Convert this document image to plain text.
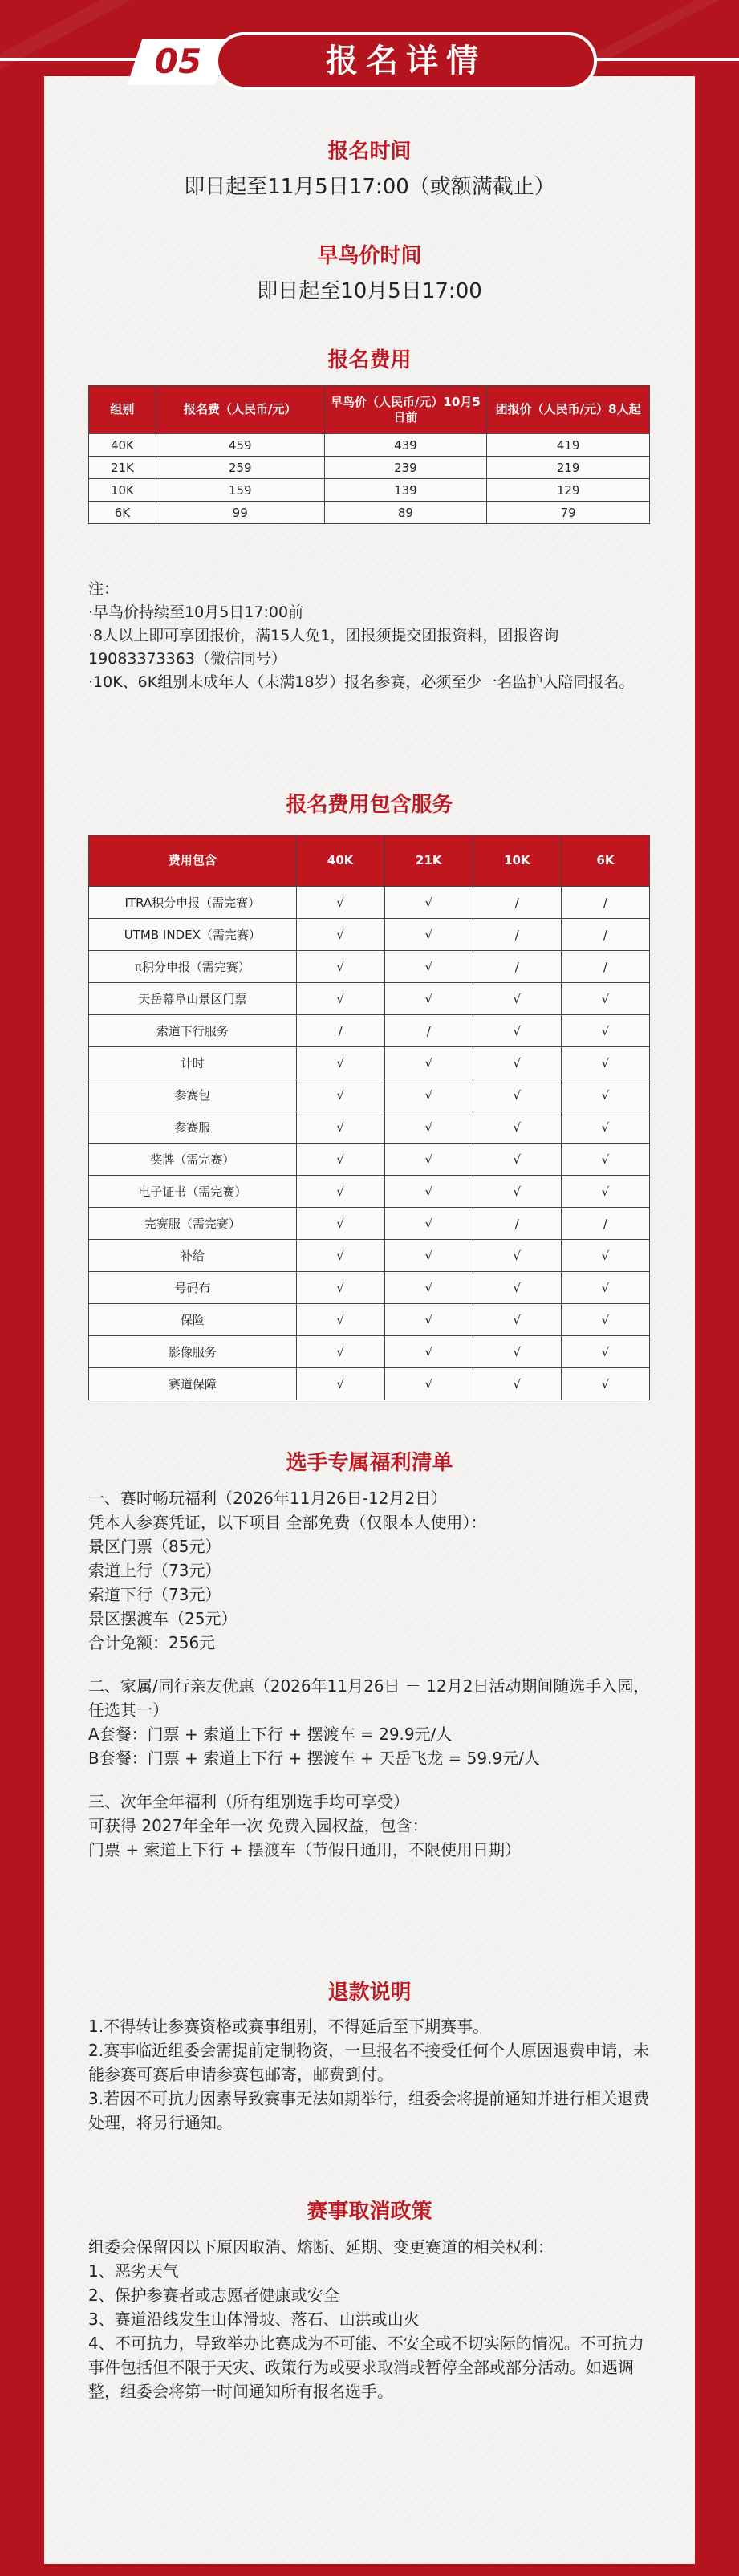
05	报名详情
报名时间
即日起至11月5日17:00（或额满截止）
早鸟价时间
即日起至10月5日17:00
报名费用
组别	报名费（人民币/元）	早鸟价（人民币/元）10月5日前	团报价（人民币/元）8人起
40K	459	439	419
21K	259	239	219
10K	159	139	129
6K	99	89	79

注：

·早鸟价持续至10月5日17:00前

·8人以上即可享团报价，满15人免1，团报须提交团报资料，团报咨询19083373363（微信同号）

·10K、6K组别未成年人（未满18岁）报名参赛，必须至少一名监护人陪同报名。

报名费用包含服务
费用包含	40K	21K	10K	6K
ITRA积分申报（需完赛）	√	√	/	/
UTMB INDEX（需完赛）	√	√	/	/
π积分申报（需完赛）	√	√	/	/
天岳幕阜山景区门票	√	√	√	√
索道下行服务	/	/	√	√
计时	√	√	√	√
参赛包	√	√	√	√
参赛服	√	√	√	√
奖牌（需完赛）	√	√	√	√
电子证书（需完赛）	√	√	√	√
完赛服（需完赛）	√	√	/	/
补给	√	√	√	√
号码布	√	√	√	√
保险	√	√	√	√
影像服务	√	√	√	√
赛道保障	√	√	√	√
选手专属福利清单

一、赛时畅玩福利（2026年11月26日-12月2日）

凭本人参赛凭证，以下项目 全部免费（仅限本人使用）：

景区门票（85元）

索道上行（73元）

索道下行（73元）

景区摆渡车（25元）

合计免额：256元

二、家属/同行亲友优惠（2026年11月26日 － 12月2日活动期间随选手入园，任选其一）

A套餐：门票 + 索道上下行 + 摆渡车 = 29.9元/人

B套餐：门票 + 索道上下行 + 摆渡车 + 天岳飞龙 = 59.9元/人

三、次年全年福利（所有组别选手均可享受）

可获得 2027年全年一次 免费入园权益，包含：

门票 + 索道上下行 + 摆渡车（节假日通用，不限使用日期）

退款说明

1.不得转让参赛资格或赛事组别，不得延后至下期赛事。

2.赛事临近组委会需提前定制物资，一旦报名不接受任何个人原因退费申请，未能参赛可赛后申请参赛包邮寄，邮费到付。

3.若因不可抗力因素导致赛事无法如期举行，组委会将提前通知并进行相关退费处理，将另行通知。

赛事取消政策

组委会保留因以下原因取消、熔断、延期、变更赛道的相关权利：

1、恶劣天气

2、保护参赛者或志愿者健康或安全

3、赛道沿线发生山体滑坡、落石、山洪或山火

4、不可抗力，导致举办比赛成为不可能、不安全或不切实际的情况。不可抗力事件包括但不限于天灾、政策行为或要求取消或暂停全部或部分活动。如遇调整，组委会将第一时间通知所有报名选手。
